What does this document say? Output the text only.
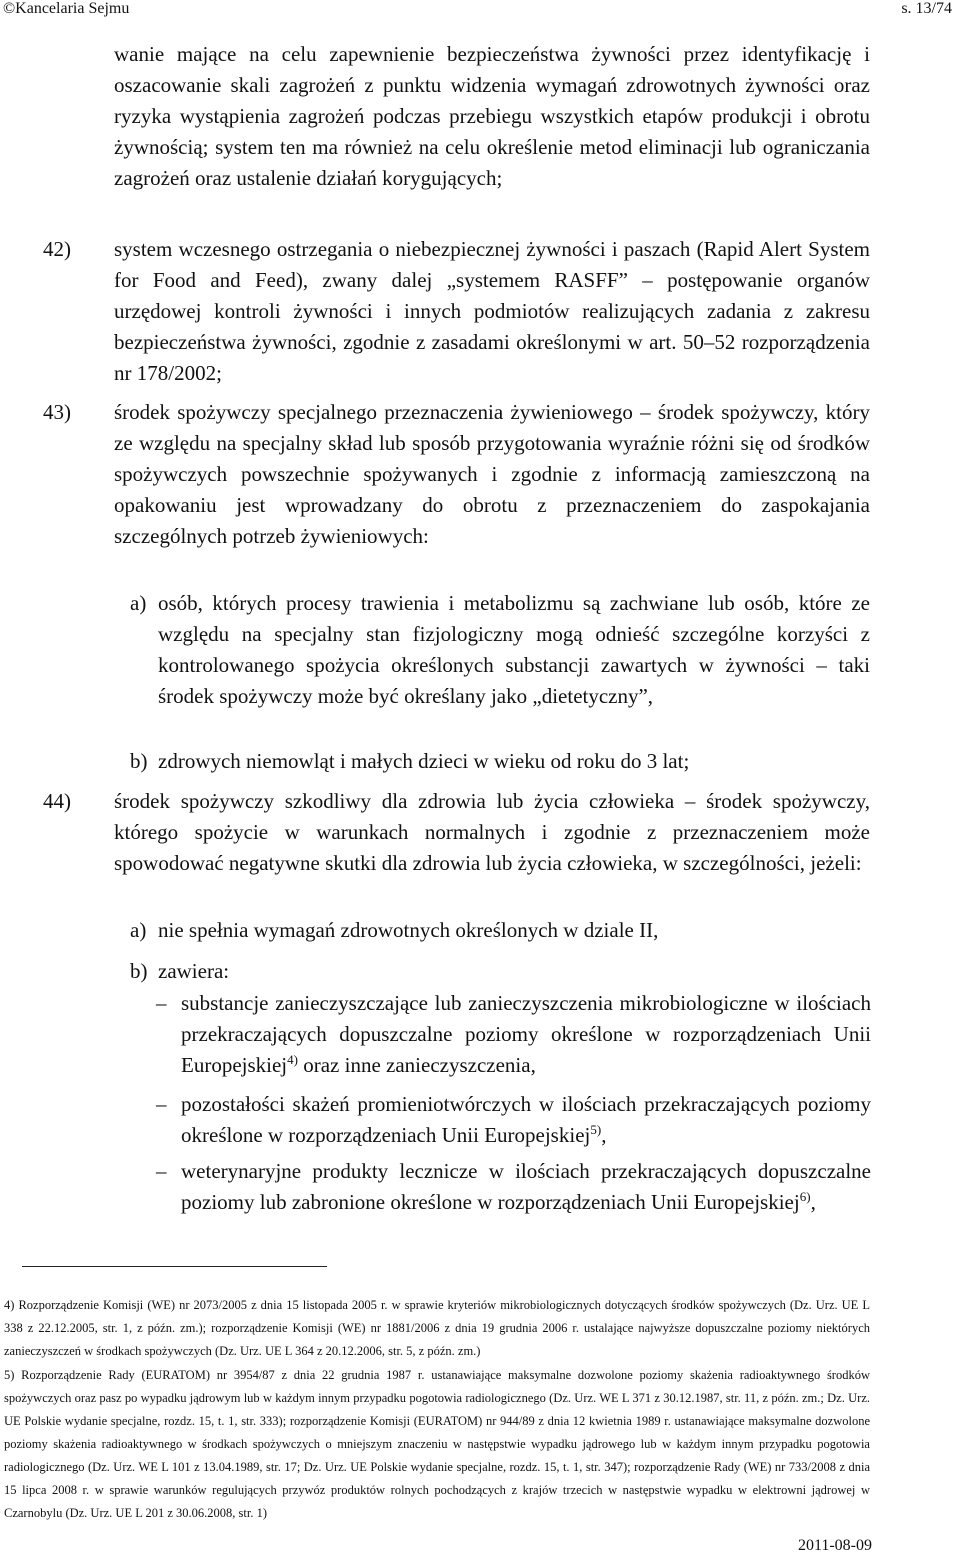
©Kancelaria Sejmu	s. 13/74

wanie mające na celu zapewnienie bezpieczeństwa żywności przez identyfikację i oszacowanie skali zagrożeń z punktu widzenia wymagań zdrowotnych żywności oraz ryzyka wystąpienia zagrożeń podczas przebiegu wszystkich etapów produkcji i obrotu żywnością; system ten ma również na celu określenie metod eliminacji lub ograniczania zagrożeń oraz ustalenie działań korygujących;

42) system wczesnego ostrzegania o niebezpiecznej żywności i paszach (Rapid Alert System for Food and Feed), zwany dalej „systemem RASFF” – postępowanie organów urzędowej kontroli żywności i innych podmiotów realizujących zadania z zakresu bezpieczeństwa żywności, zgodnie z zasadami określonymi w art. 50–52 rozporządzenia nr 178/2002;

43) środek spożywczy specjalnego przeznaczenia żywieniowego – środek spożywczy, który ze względu na specjalny skład lub sposób przygotowania wyraźnie różni się od środków spożywczych powszechnie spożywanych i zgodnie z informacją zamieszczoną na opakowaniu jest wprowadzany do obrotu z przeznaczeniem do zaspokajania szczególnych potrzeb żywieniowych:

a) osób, których procesy trawienia i metabolizmu są zachwiane lub osób, które ze względu na specjalny stan fizjologiczny mogą odnieść szczególne korzyści z kontrolowanego spożycia określonych substancji zawartych w żywności – taki środek spożywczy może być określany jako „dietetyczny”,

b) zdrowych niemowląt i małych dzieci w wieku od roku do 3 lat;

44) środek spożywczy szkodliwy dla zdrowia lub życia człowieka – środek spożywczy, którego spożycie w warunkach normalnych i zgodnie z przeznaczeniem może spowodować negatywne skutki dla zdrowia lub życia człowieka, w szczególności, jeżeli:

a) nie spełnia wymagań zdrowotnych określonych w dziale II,

b) zawiera:

– substancje zanieczyszczające lub zanieczyszczenia mikrobiologiczne w ilościach przekraczających dopuszczalne poziomy określone w rozporządzeniach Unii Europejskiej$^{4)}$ oraz inne zanieczyszczenia,

– pozostałości skażeń promieniotwórczych w ilościach przekraczających poziomy określone w rozporządzeniach Unii Europejskiej$^{5)}$,

– weterynaryjne produkty lecznicze w ilościach przekraczających dopuszczalne poziomy lub zabronione określone w rozporządzeniach Unii Europejskiej$^{6)}$,

4) Rozporządzenie Komisji (WE) nr 2073/2005 z dnia 15 listopada 2005 r. w sprawie kryteriów mikrobiologicznych dotyczących środków spożywczych (Dz. Urz. UE L 338 z 22.12.2005, str. 1, z późn. zm.); rozporządzenie Komisji (WE) nr 1881/2006 z dnia 19 grudnia 2006 r. ustalające najwyższe dopuszczalne poziomy niektórych zanieczyszczeń w środkach spożywczych (Dz. Urz. UE L 364 z 20.12.2006, str. 5, z późn. zm.)

5) Rozporządzenie Rady (EURATOM) nr 3954/87 z dnia 22 grudnia 1987 r. ustanawiające maksymalne dozwolone poziomy skażenia radioaktywnego środków spożywczych oraz pasz po wypadku jądrowym lub w każdym innym przypadku pogotowia radiologicznego (Dz. Urz. WE L 371 z 30.12.1987, str. 11, z późn. zm.; Dz. Urz. UE Polskie wydanie specjalne, rozdz. 15, t. 1, str. 333); rozporządzenie Komisji (EURATOM) nr 944/89 z dnia 12 kwietnia 1989 r. ustanawiające maksymalne dozwolone poziomy skażenia radioaktywnego w środkach spożywczych o mniejszym znaczeniu w następstwie wypadku jądrowego lub w każdym innym przypadku pogotowia radiologicznego (Dz. Urz. WE L 101 z 13.04.1989, str. 17; Dz. Urz. UE Polskie wydanie specjalne, rozdz. 15, t. 1, str. 347); rozporządzenie Rady (WE) nr 733/2008 z dnia 15 lipca 2008 r. w sprawie warunków regulujących przywóz produktów rolnych pochodzących z krajów trzecich w następstwie wypadku w elektrowni jądrowej w Czarnobylu (Dz. Urz. UE L 201 z 30.06.2008, str. 1)

2011-08-09
